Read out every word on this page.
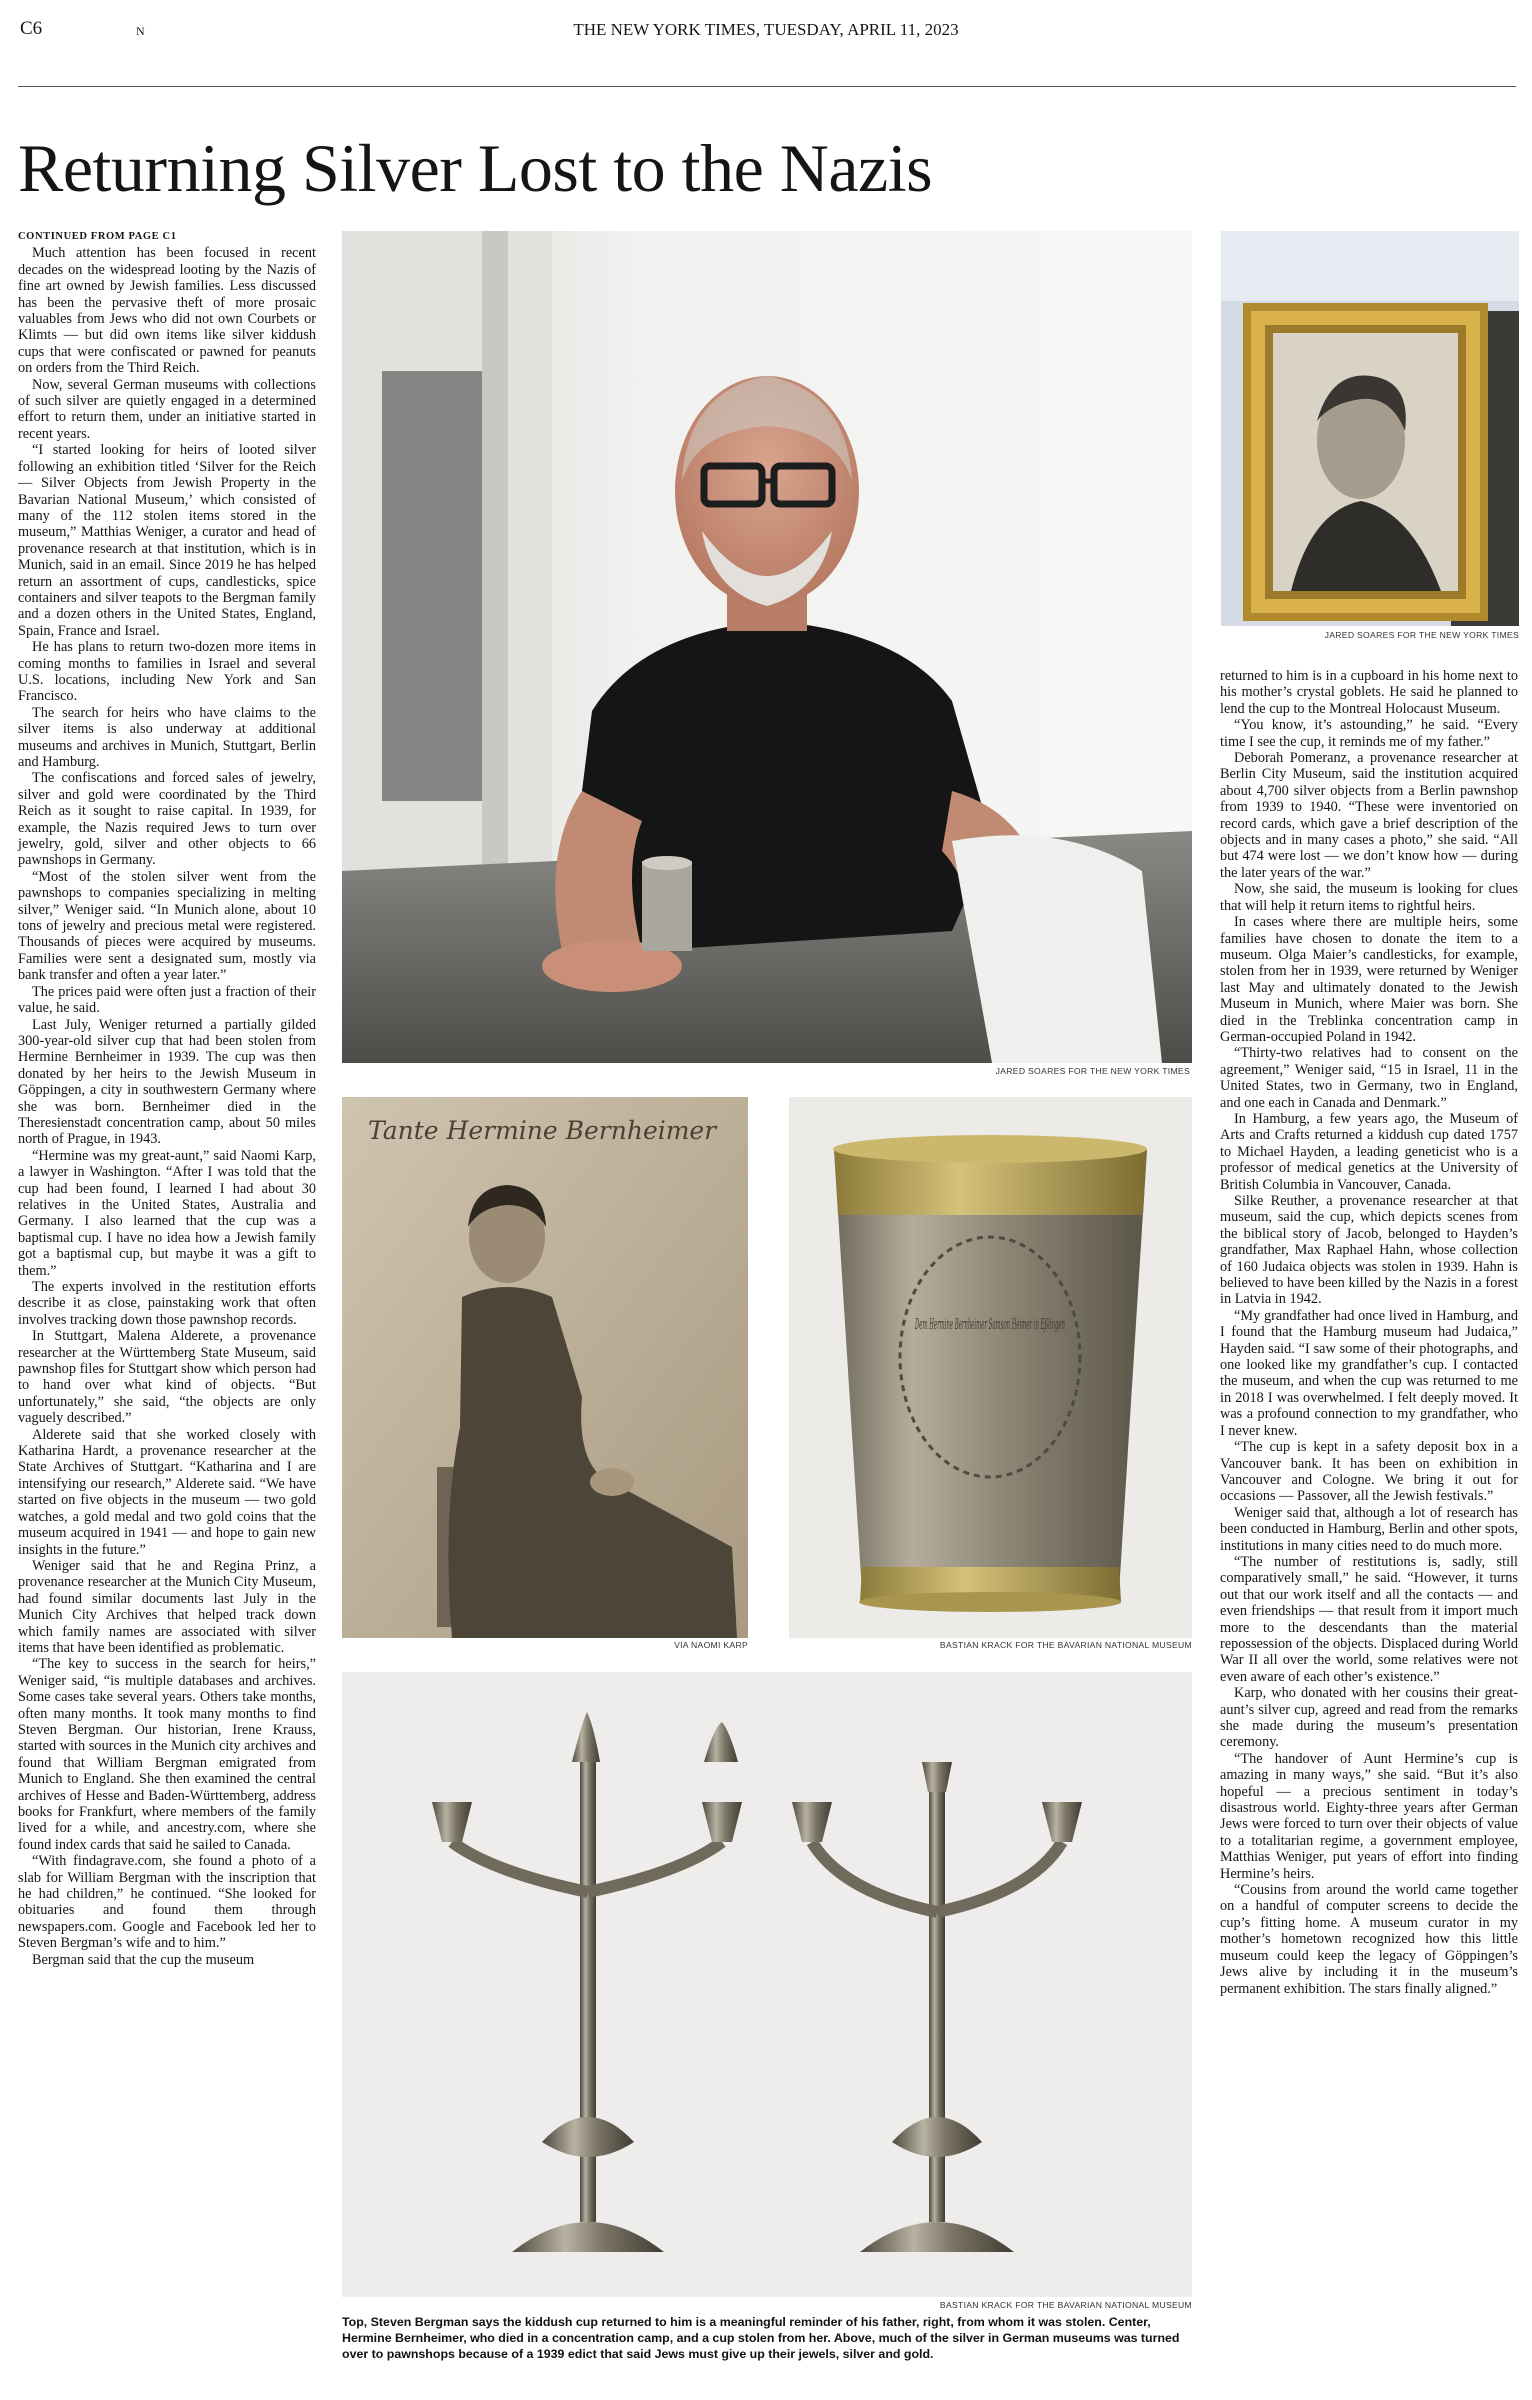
C6	N	THE NEW YORK TIMES, TUESDAY, APRIL 11, 2023
Returning Silver Lost to the Nazis

CONTINUED FROM PAGE C1

Much attention has been focused in recent decades on the widespread looting by the Nazis of fine art owned by Jewish families. Less discussed has been the pervasive theft of more prosaic valuables from Jews who did not own Courbets or Klimts — but did own items like silver kiddush cups that were confiscated or pawned for peanuts on orders from the Third Reich.

Now, several German museums with collections of such silver are quietly engaged in a determined effort to return them, under an initiative started in recent years.

“I started looking for heirs of looted silver following an exhibition titled ‘Silver for the Reich — Silver Objects from Jewish Property in the Bavarian National Museum,’ which consisted of many of the 112 stolen items stored in the museum,” Matthias Weniger, a curator and head of provenance research at that institution, which is in Munich, said in an email. Since 2019 he has helped return an assortment of cups, candlesticks, spice containers and silver teapots to the Bergman family and a dozen others in the United States, England, Spain, France and Israel.

He has plans to return two-dozen more items in coming months to families in Israel and several U.S. locations, including New York and San Francisco.

The search for heirs who have claims to the silver items is also underway at additional museums and archives in Munich, Stuttgart, Berlin and Hamburg.

The confiscations and forced sales of jewelry, silver and gold were coordinated by the Third Reich as it sought to raise capital. In 1939, for example, the Nazis required Jews to turn over jewelry, gold, silver and other objects to 66 pawnshops in Germany.

“Most of the stolen silver went from the pawnshops to companies specializing in melting silver,” Weniger said. “In Munich alone, about 10 tons of jewelry and precious metal were registered. Thousands of pieces were acquired by museums. Families were sent a designated sum, mostly via bank transfer and often a year later.”

The prices paid were often just a fraction of their value, he said.

Last July, Weniger returned a partially gilded 300-year-old silver cup that had been stolen from Hermine Bernheimer in 1939. The cup was then donated by her heirs to the Jewish Museum in Göppingen, a city in southwestern Germany where she was born. Bernheimer died in the Theresienstadt concentration camp, about 50 miles north of Prague, in 1943.

“Hermine was my great-aunt,” said Naomi Karp, a lawyer in Washington. “After I was told that the cup had been found, I learned I had about 30 relatives in the United States, Australia and Germany. I also learned that the cup was a baptismal cup. I have no idea how a Jewish family got a baptismal cup, but maybe it was a gift to them.”

The experts involved in the restitution efforts describe it as close, painstaking work that often involves tracking down those pawnshop records.

In Stuttgart, Malena Alderete, a provenance researcher at the Württemberg State Museum, said pawnshop files for Stuttgart show which person had to hand over what kind of objects. “But unfortunately,” she said, “the objects are only vaguely described.”

Alderete said that she worked closely with Katharina Hardt, a provenance researcher at the State Archives of Stuttgart. “Katharina and I are intensifying our research,” Alderete said. “We have started on five objects in the museum — two gold watches, a gold medal and two gold coins that the museum acquired in 1941 — and hope to gain new insights in the future.”

Weniger said that he and Regina Prinz, a provenance researcher at the Munich City Museum, had found similar documents last July in the Munich City Archives that helped track down which family names are associated with silver items that have been identified as problematic.

“The key to success in the search for heirs,” Weniger said, “is multiple databases and archives. Some cases take several years. Others take months, often many months. It took many months to find Steven Bergman. Our historian, Irene Krauss, started with sources in the Munich city archives and found that William Bergman emigrated from Munich to England. She then examined the central archives of Hesse and Baden-Württemberg, address books for Frankfurt, where members of the family lived for a while, and ancestry.com, where she found index cards that said he sailed to Canada.

“With findagrave.com, she found a photo of a slab for William Bergman with the inscription that he had children,” he continued. “She looked for obituaries and found them through newspapers.com. Google and Facebook led her to Steven Bergman’s wife and to him.”

Bergman said that the cup the museum

returned to him is in a cupboard in his home next to his mother’s crystal goblets. He said he planned to lend the cup to the Montreal Holocaust Museum.

“You know, it’s astounding,” he said. “Every time I see the cup, it reminds me of my father.”

Deborah Pomeranz, a provenance researcher at Berlin City Museum, said the institution acquired about 4,700 silver objects from a Berlin pawnshop from 1939 to 1940. “These were inventoried on record cards, which gave a brief description of the objects and in many cases a photo,” she said. “All but 474 were lost — we don’t know how — during the later years of the war.”

Now, she said, the museum is looking for clues that will help it return items to rightful heirs.

In cases where there are multiple heirs, some families have chosen to donate the item to a museum. Olga Maier’s candlesticks, for example, stolen from her in 1939, were returned by Weniger last May and ultimately donated to the Jewish Museum in Munich, where Maier was born. She died in the Treblinka concentration camp in German-occupied Poland in 1942.

“Thirty-two relatives had to consent on the agreement,” Weniger said, “15 in Israel, 11 in the United States, two in Germany, two in England, and one each in Canada and Denmark.”

In Hamburg, a few years ago, the Museum of Arts and Crafts returned a kiddush cup dated 1757 to Michael Hayden, a leading geneticist who is a professor of medical genetics at the University of British Columbia in Vancouver, Canada.

Silke Reuther, a provenance researcher at that museum, said the cup, which depicts scenes from the biblical story of Jacob, belonged to Hayden’s grandfather, Max Raphael Hahn, whose collection of 160 Judaica objects was stolen in 1939. Hahn is believed to have been killed by the Nazis in a forest in Latvia in 1942.

“My grandfather had once lived in Hamburg, and I found that the Hamburg museum had Judaica,” Hayden said. “I saw some of their photographs, and one looked like my grandfather’s cup. I contacted the museum, and when the cup was returned to me in 2018 I was overwhelmed. I felt deeply moved. It was a profound connection to my grandfather, who I never knew.

“The cup is kept in a safety deposit box in a Vancouver bank. It has been on exhibition in Vancouver and Cologne. We bring it out for occasions — Passover, all the Jewish festivals.”

Weniger said that, although a lot of research has been conducted in Hamburg, Berlin and other spots, institutions in many cities need to do much more.

“The number of restitutions is, sadly, still comparatively small,” he said. “However, it turns out that our work itself and all the contacts — and even friendships — that result from it import much more to the descendants than the material repossession of the objects. Displaced during World War II all over the world, some relatives were not even aware of each other’s existence.”

Karp, who donated with her cousins their great-aunt’s silver cup, agreed and read from the remarks she made during the museum’s presentation ceremony.

“The handover of Aunt Hermine’s cup is amazing in many ways,” she said. “But it’s also hopeful — a precious sentiment in today’s disastrous world. Eighty-three years after German Jews were forced to turn over their objects of value to a totalitarian regime, a government employee, Matthias Weniger, put years of effort into finding Hermine’s heirs.

“Cousins from around the world came together on a handful of computer screens to decide the cup’s fitting home. A museum curator in my mother’s hometown recognized how this little museum could keep the legacy of Göppingen’s Jews alive by including it in the museum’s permanent exhibition. The stars finally aligned.”

JARED SOARES FOR THE NEW YORK TIMES
JARED SOARES FOR THE NEW YORK TIMES
Tante Hermine Bernheimer
VIA NAOMI KARP
Dem Hermine Bernheimer Samson Heimer in Eßlingen
BASTIAN KRACK FOR THE BAVARIAN NATIONAL MUSEUM
BASTIAN KRACK FOR THE BAVARIAN NATIONAL MUSEUM
Top, Steven Bergman says the kiddush cup returned to him is a meaningful reminder of his father, right, from whom it was stolen. Center, Hermine Bernheimer, who died in a concentration camp, and a cup stolen from her. Above, much of the silver in German museums was turned over to pawnshops because of a 1939 edict that said Jews must give up their jewels, silver and gold.
